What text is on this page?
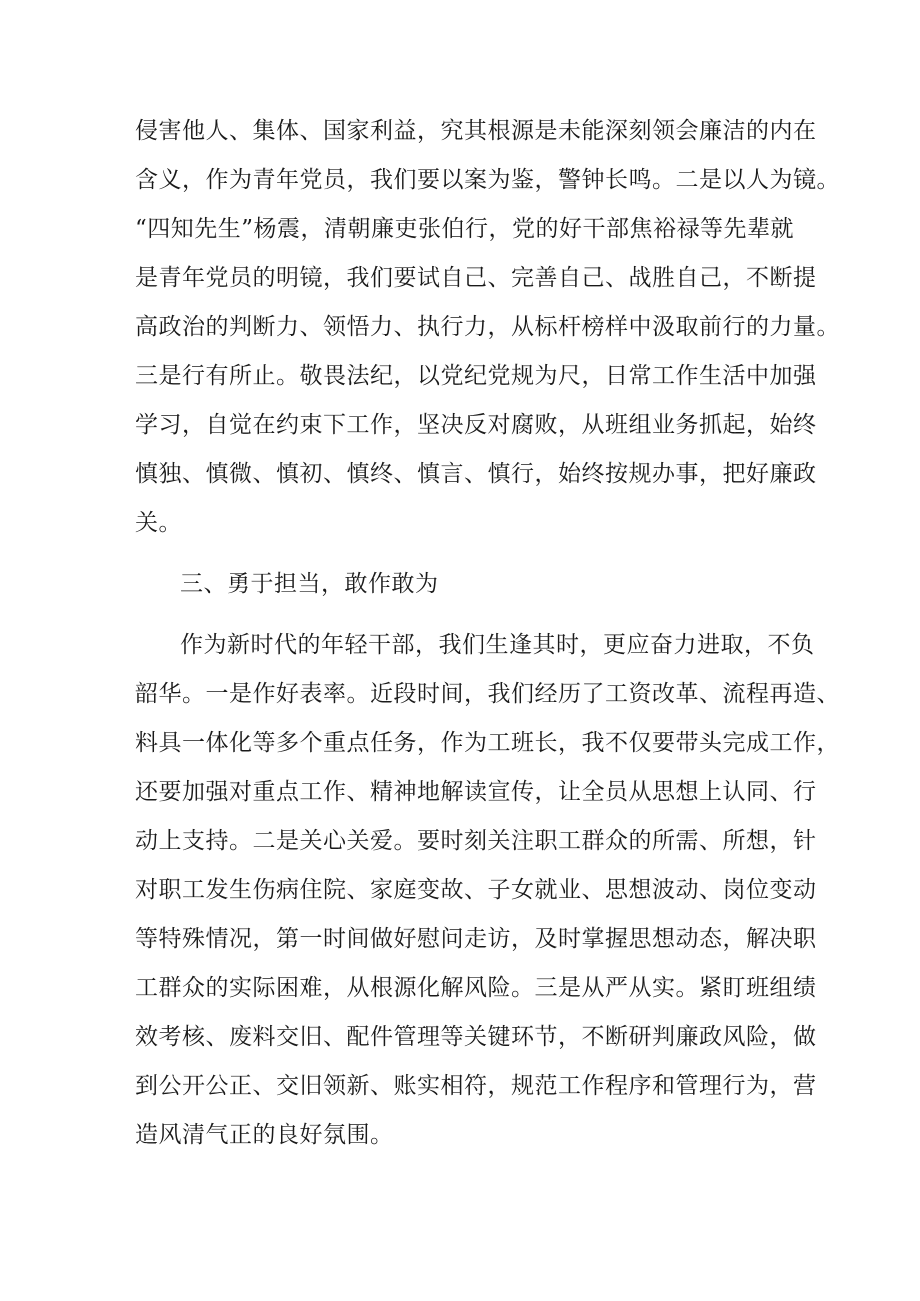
侵害他人、集体、国家利益，究其根源是未能深刻领会廉洁的内在
含义，作为青年党员，我们要以案为鉴，警钟长鸣。二是以人为镜。
“四知先生”杨震，清朝廉吏张伯行，党的好干部焦裕禄等先辈就
是青年党员的明镜，我们要试自己、完善自己、战胜自己，不断提
高政治的判断力、领悟力、执行力，从标杆榜样中汲取前行的力量。
三是行有所止。敬畏法纪，以党纪党规为尺，日常工作生活中加强
学习，自觉在约束下工作，坚决反对腐败，从班组业务抓起，始终
慎独、慎微、慎初、慎终、慎言、慎行，始终按规办事，把好廉政
关。
三、勇于担当，敢作敢为
作为新时代的年轻干部，我们生逢其时，更应奋力进取，不负
韶华。一是作好表率。近段时间，我们经历了工资改革、流程再造、
料具一体化等多个重点任务，作为工班长，我不仅要带头完成工作，
还要加强对重点工作、精神地解读宣传，让全员从思想上认同、行
动上支持。二是关心关爱。要时刻关注职工群众的所需、所想，针
对职工发生伤病住院、家庭变故、子女就业、思想波动、岗位变动
等特殊情况，第一时间做好慰问走访，及时掌握思想动态，解决职
工群众的实际困难，从根源化解风险。三是从严从实。紧盯班组绩
效考核、废料交旧、配件管理等关键环节，不断研判廉政风险，做
到公开公正、交旧领新、账实相符，规范工作程序和管理行为，营
造风清气正的良好氛围。
